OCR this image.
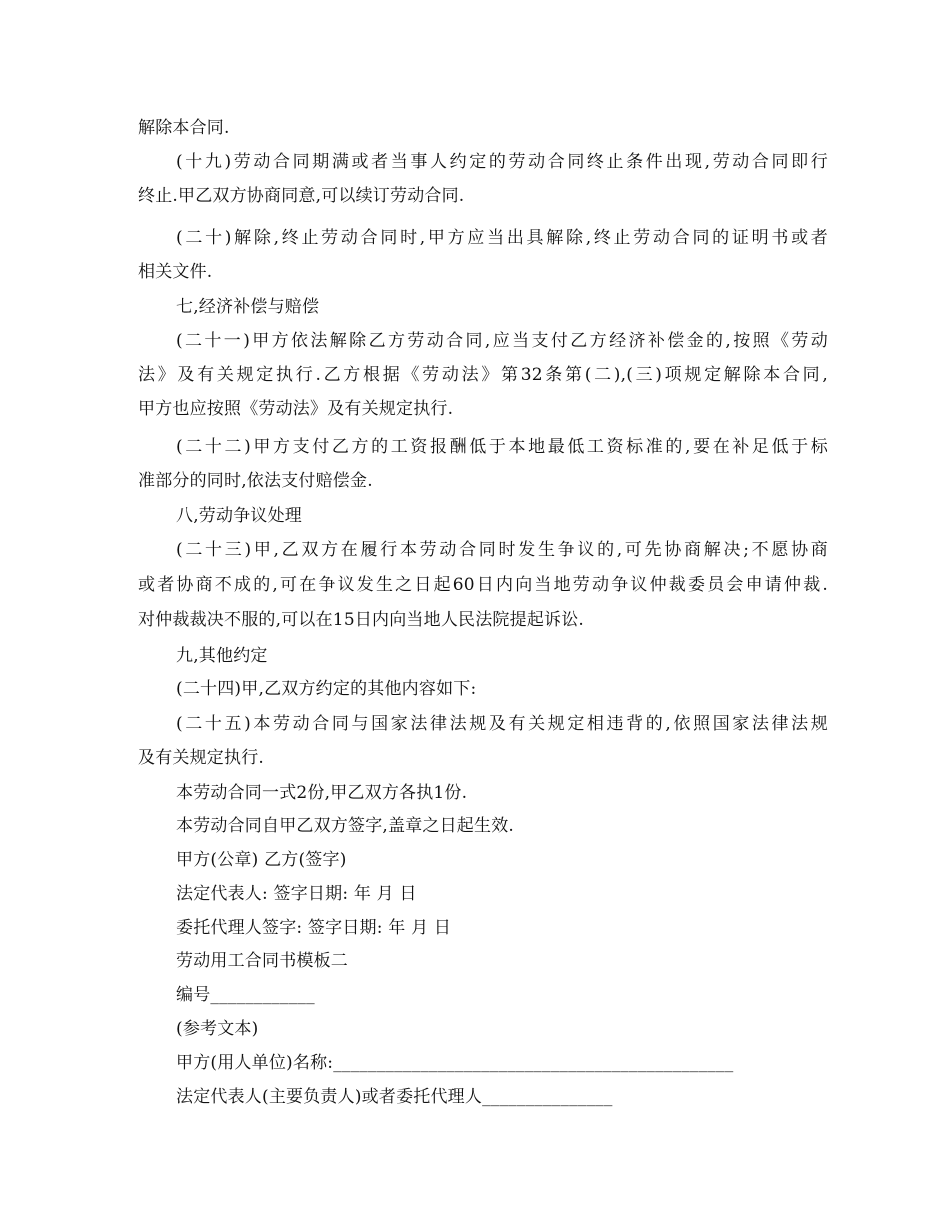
解除本合同.
(十九)劳动合同期满或者当事人约定的劳动合同终止条件出现,劳动合同即行
终止.甲乙双方协商同意,可以续订劳动合同.
(二十)解除,终止劳动合同时,甲方应当出具解除,终止劳动合同的证明书或者
相关文件.
七,经济补偿与赔偿
(二十一)甲方依法解除乙方劳动合同,应当支付乙方经济补偿金的,按照《劳动
法》及有关规定执行.乙方根据《劳动法》第32条第(二),(三)项规定解除本合同,
甲方也应按照《劳动法》及有关规定执行.
(二十二)甲方支付乙方的工资报酬低于本地最低工资标准的,要在补足低于标
准部分的同时,依法支付赔偿金.
八,劳动争议处理
(二十三)甲,乙双方在履行本劳动合同时发生争议的,可先协商解决;不愿协商
或者协商不成的,可在争议发生之日起60日内向当地劳动争议仲裁委员会申请仲裁.
对仲裁裁决不服的,可以在15日内向当地人民法院提起诉讼.
九,其他约定
(二十四)甲,乙双方约定的其他内容如下:
(二十五)本劳动合同与国家法律法规及有关规定相违背的,依照国家法律法规
及有关规定执行.
本劳动合同一式2份,甲乙双方各执1份.
本劳动合同自甲乙双方签字,盖章之日起生效.
甲方(公章) 乙方(签字)
法定代表人: 签字日期: 年 月 日
委托代理人签字: 签字日期: 年 月 日
劳动用工合同书模板二
编号____________
(参考文本)
甲方(用人单位)名称:______________________________________________
法定代表人(主要负责人)或者委托代理人_______________
